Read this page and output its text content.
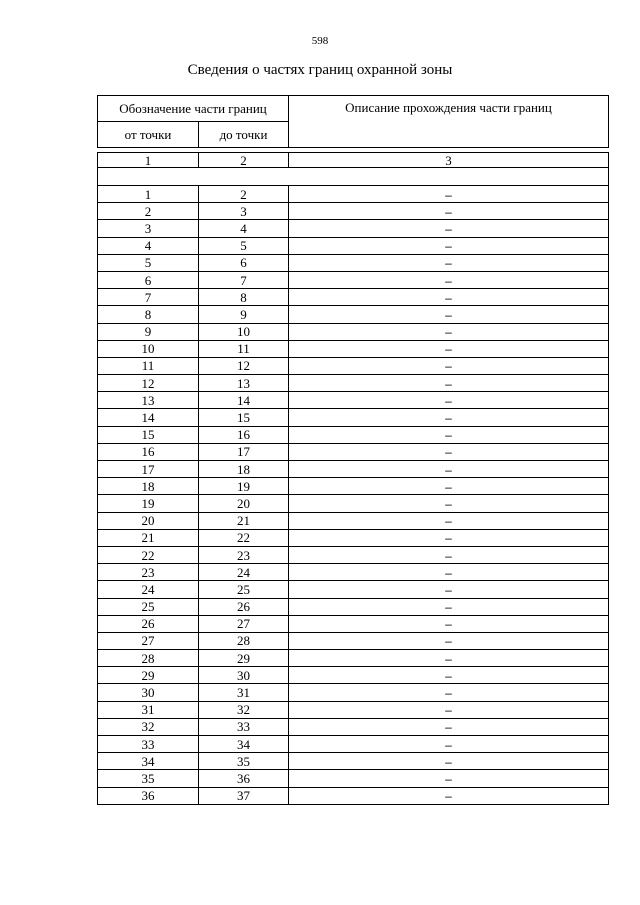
598
Сведения о частях границ охранной зоны
Обозначение части границ		Описание прохождения части границ
от точки	до точки	

1	2	3

1	2	–
2	3	–
3	4	–
4	5	–
5	6	–
6	7	–
7	8	–
8	9	–
9	10	–
10	11	–
11	12	–
12	13	–
13	14	–
14	15	–
15	16	–
16	17	–
17	18	–
18	19	–
19	20	–
20	21	–
21	22	–
22	23	–
23	24	–
24	25	–
25	26	–
26	27	–
27	28	–
28	29	–
29	30	–
30	31	–
31	32	–
32	33	–
33	34	–
34	35	–
35	36	–
36	37	–
